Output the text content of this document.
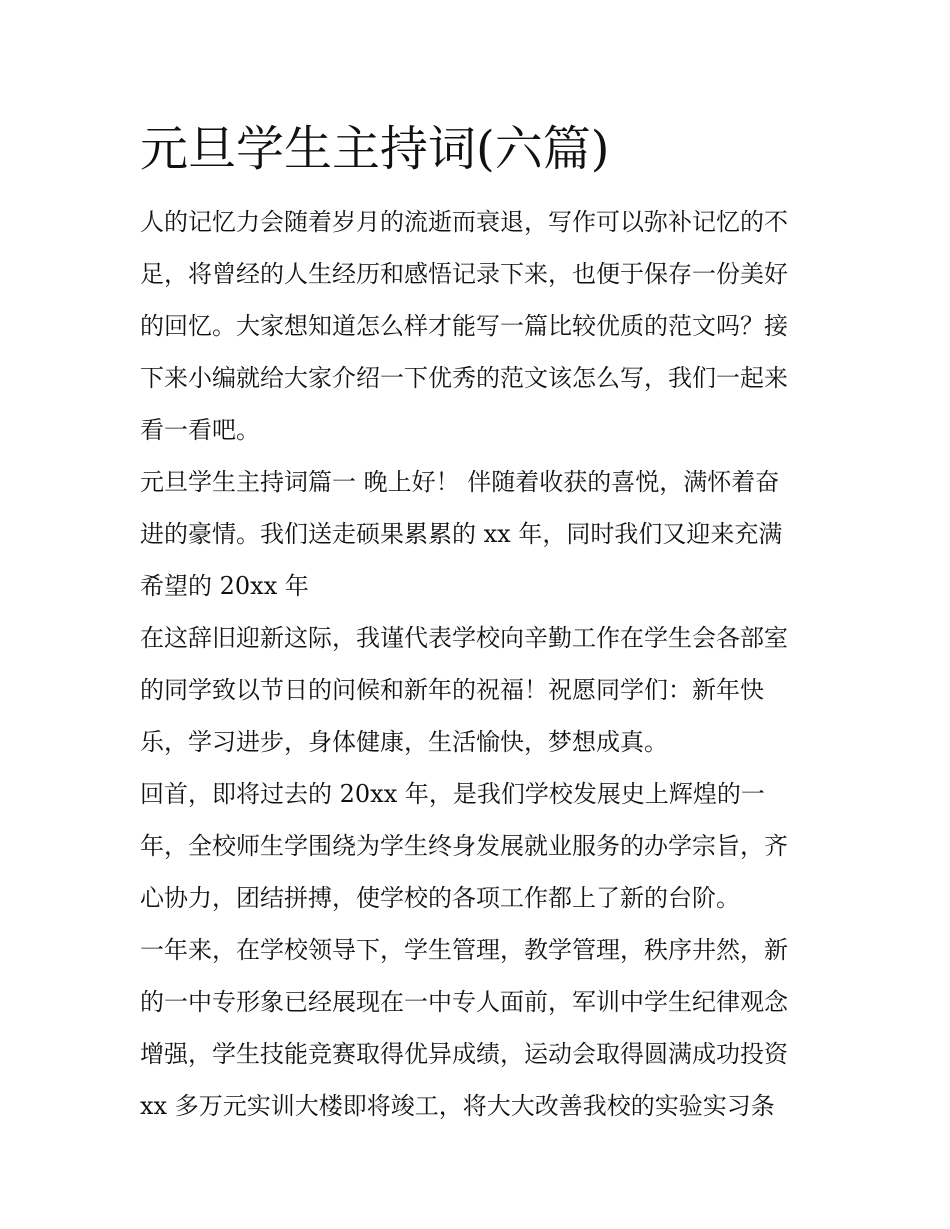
元旦学生主持词(六篇)
人的记忆力会随着岁月的流逝而衰退，写作可以弥补记忆的不
足，将曾经的人生经历和感悟记录下来，也便于保存一份美好
的回忆。大家想知道怎么样才能写一篇比较优质的范文吗？接
下来小编就给大家介绍一下优秀的范文该怎么写，我们一起来
看一看吧。
元旦学生主持词篇一 晚上好！ 伴随着收获的喜悦，满怀着奋
进的豪情。我们送走硕果累累的 xx 年，同时我们又迎来充满
希望的 20xx 年
在这辞旧迎新这际，我谨代表学校向辛勤工作在学生会各部室
的同学致以节日的问候和新年的祝福！祝愿同学们：新年快
乐，学习进步，身体健康，生活愉快，梦想成真。
回首，即将过去的 20xx 年，是我们学校发展史上辉煌的一
年，全校师生学围绕为学生终身发展就业服务的办学宗旨，齐
心协力，团结拼搏，使学校的各项工作都上了新的台阶。
一年来，在学校领导下，学生管理，教学管理，秩序井然，新
的一中专形象已经展现在一中专人面前，军训中学生纪律观念
增强，学生技能竞赛取得优异成绩，运动会取得圆满成功投资
xx 多万元实训大楼即将竣工，将大大改善我校的实验实习条
